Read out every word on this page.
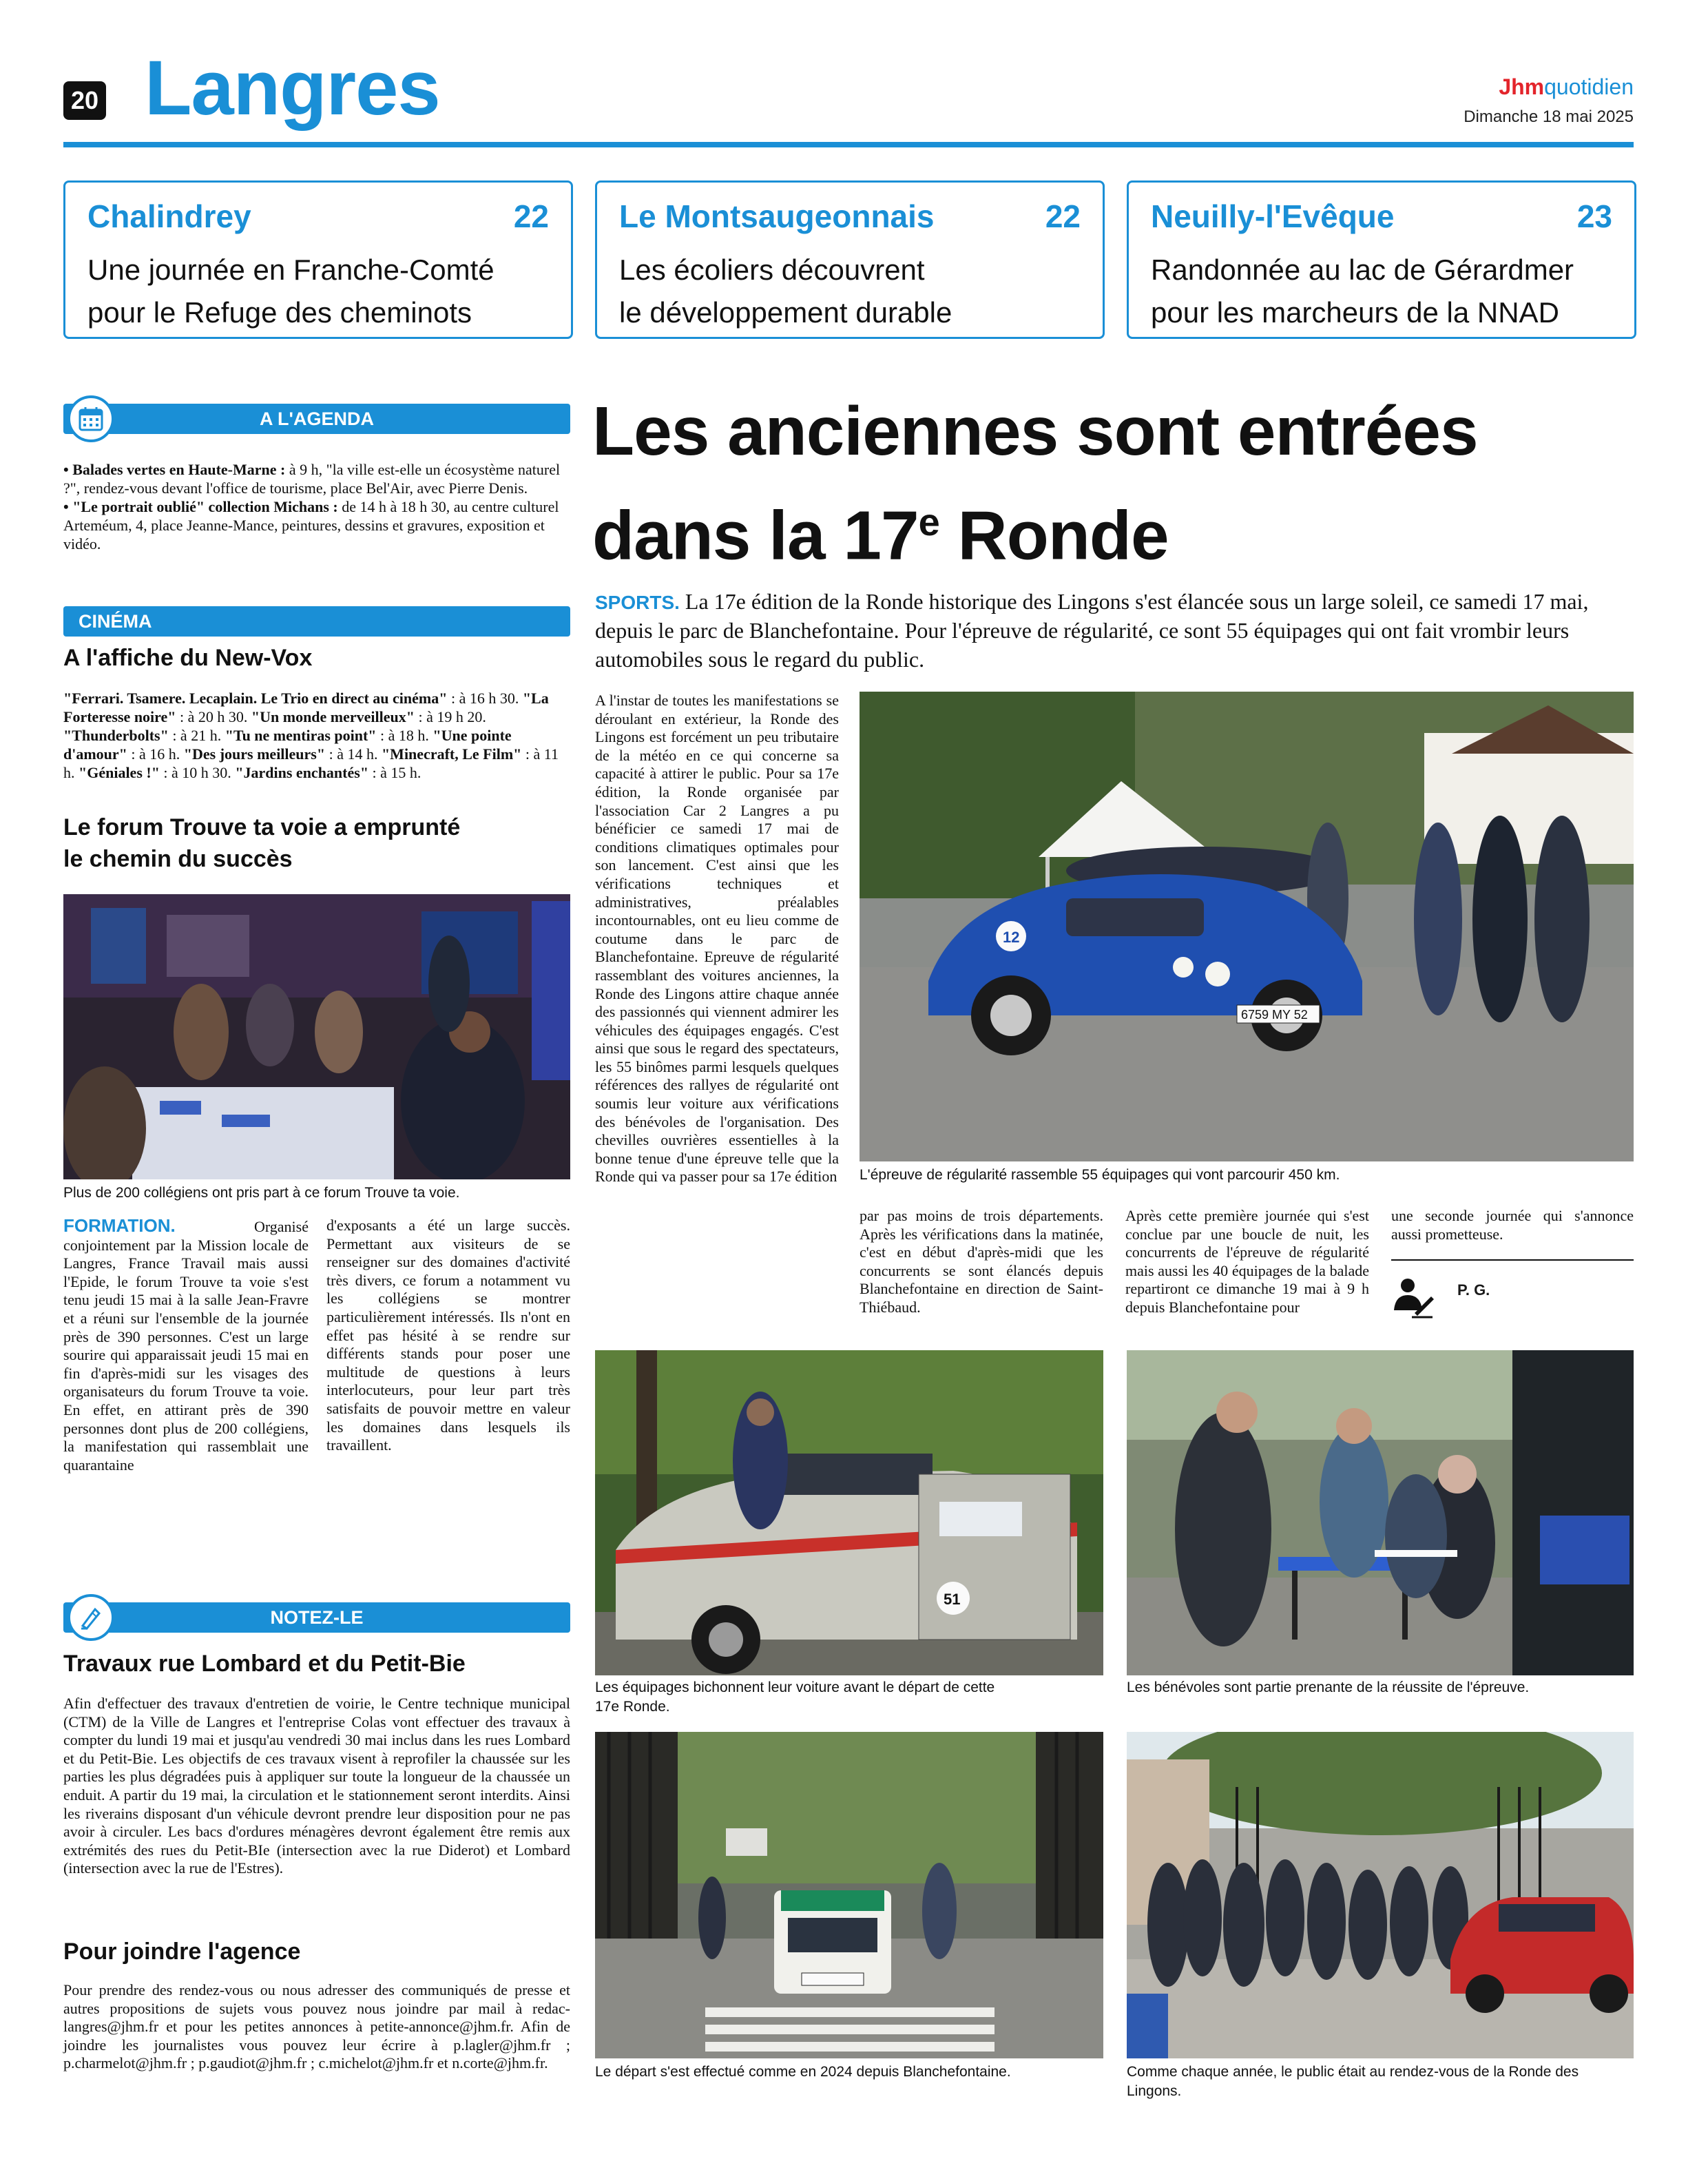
20 Langres	Jhmquotidien
Dimanche 18 mai 2025
Chalindrey	22
Une journée en Franche-Comté
pour le Refuge des cheminots
Le Montsaugeonnais	22
Les écoliers découvrent
le développement durable
Neuilly-l'Evêque	23
Randonnée au lac de Gérardmer
pour les marcheurs de la NNAD
A L'AGENDA
• Balades vertes en Haute-Marne : à 9 h, "la ville est-elle un écosystème naturel ?", rendez-vous devant l'office de tourisme, place Bel'Air, avec Pierre Denis.
• "Le portrait oublié" collection Michans : de 14 h à 18 h 30, au centre culturel Arteméum, 4, place Jeanne-Mance, peintures, dessins et gravures, exposition et vidéo.
CINÉMA
A l'affiche du New-Vox
"Ferrari. Tsamere. Lecaplain. Le Trio en direct au cinéma" : à 16 h 30. "La Forteresse noire" : à 20 h 30. "Un monde merveilleux" : à 19 h 20. "Thunderbolts" : à 21 h. "Tu ne mentiras point" : à 18 h. "Une pointe d'amour" : à 16 h. "Des jours meilleurs" : à 14 h. "Minecraft, Le Film" : à 11 h. "Géniales !" : à 10 h 30. "Jardins enchantés" : à 15 h.
Le forum Trouve ta voie a emprunté
le chemin du succès
Plus de 200 collégiens ont pris part à ce forum Trouve ta voie.

FORMATION. Organisé conjointement par la Mission locale de Langres, France Travail mais aussi l'Epide, le forum Trouve ta voie s'est tenu jeudi 15 mai à la salle Jean-Fravre et a réuni sur l'ensemble de la journée près de 390 personnes. C'est un large sourire qui apparaissait jeudi 15 mai en fin d'après-midi sur les visages des organisateurs du forum Trouve ta voie. En effet, en attirant près de 390 personnes dont plus de 200 collégiens, la manifestation qui rassemblait une quarantaine

d'exposants a été un large succès. Permettant aux visiteurs de se renseigner sur des domaines d'activité très divers, ce forum a notamment vu les collégiens se montrer particulièrement intéressés. Ils n'ont en effet pas hésité à se rendre sur différents stands pour poser une multitude de questions à leurs interlocuteurs, pour leur part très satisfaits de pouvoir mettre en valeur les domaines dans lesquels ils travaillent.

NOTEZ-LE
Travaux rue Lombard et du Petit-Bie

Afin d'effectuer des travaux d'entretien de voirie, le Centre technique municipal (CTM) de la Ville de Langres et l'entreprise Colas vont effectuer des travaux à compter du lundi 19 mai et jusqu'au vendredi 30 mai inclus dans les rues Lombard et du Petit-Bie. Les objectifs de ces travaux visent à reprofiler la chaussée sur les parties les plus dégradées puis à appliquer sur toute la longueur de la chaussée un enduit. A partir du 19 mai, la circulation et le stationnement seront interdits. Ainsi les riverains disposant d'un véhicule devront prendre leur disposition pour ne pas avoir à circuler. Les bacs d'ordures ménagères devront également être remis aux extrémités des rues du Petit-BIe (intersection avec la rue Diderot) et Lombard (intersection avec la rue de l'Estres).

Pour joindre l'agence

Pour prendre des rendez-vous ou nous adresser des communiqués de presse et autres propositions de sujets vous pouvez nous joindre par mail à redac-langres@jhm.fr et pour les petites annonces à petite-annonce@jhm.fr. Afin de joindre les journalistes vous pouvez leur écrire à p.lagler@jhm.fr ; p.charmelot@jhm.fr ; p.gaudiot@jhm.fr ; c.michelot@jhm.fr et n.corte@jhm.fr.

Les anciennes sont entrées
dans la 17e Ronde
SPORTS. La 17e édition de la Ronde historique des Lingons s'est élancée sous un large soleil, ce samedi 17 mai, depuis le parc de Blanchefontaine. Pour l'épreuve de régularité, ce sont 55 équipages qui ont fait vrombir leurs automobiles sous le regard du public.

A l'instar de toutes les manifestations se déroulant en extérieur, la Ronde des Lingons est forcément un peu tributaire de la météo en ce qui concerne sa capacité à attirer le public. Pour sa 17e édition, la Ronde organisée par l'association Car 2 Langres a pu bénéficier ce samedi 17 mai de conditions climatiques optimales pour son lancement. C'est ainsi que les vérifications techniques et administratives, préalables incontournables, ont eu lieu comme de coutume dans le parc de Blanchefontaine. Epreuve de régularité rassemblant des voitures anciennes, la Ronde des Lingons attire chaque année des passionnés qui viennent admirer les véhicules des équipages engagés. C'est ainsi que sous le regard des spectateurs, les 55 binômes parmi lesquels quelques références des rallyes de régularité ont soumis leur voiture aux vérifications des bénévoles de l'organisation. Des chevilles ouvrières essentielles à la bonne tenue d'une épreuve telle que la Ronde qui va passer pour sa 17e édition

6759 MY 52
12
L'épreuve de régularité rassemble 55 équipages qui vont parcourir 450 km.

par pas moins de trois départements. Après les vérifications dans la matinée, c'est en début d'après-midi que les concurrents se sont élancés depuis Blanchefontaine en direction de Saint-Thiébaud.

Après cette première journée qui s'est conclue par une boucle de nuit, les concurrents de l'épreuve de régularité mais aussi les 40 équipages de la balade repartiront ce dimanche 19 mai à 9 h depuis Blanchefontaine pour

une seconde journée qui s'annonce aussi prometteuse.

P. G.
51
Les équipages bichonnent leur voiture avant le départ de cette 17e Ronde.
Les bénévoles sont partie prenante de la réussite de l'épreuve.
Le départ s'est effectué comme en 2024 depuis Blanchefontaine.	Comme chaque année, le public était au rendez-vous de la Ronde des Lingons.
